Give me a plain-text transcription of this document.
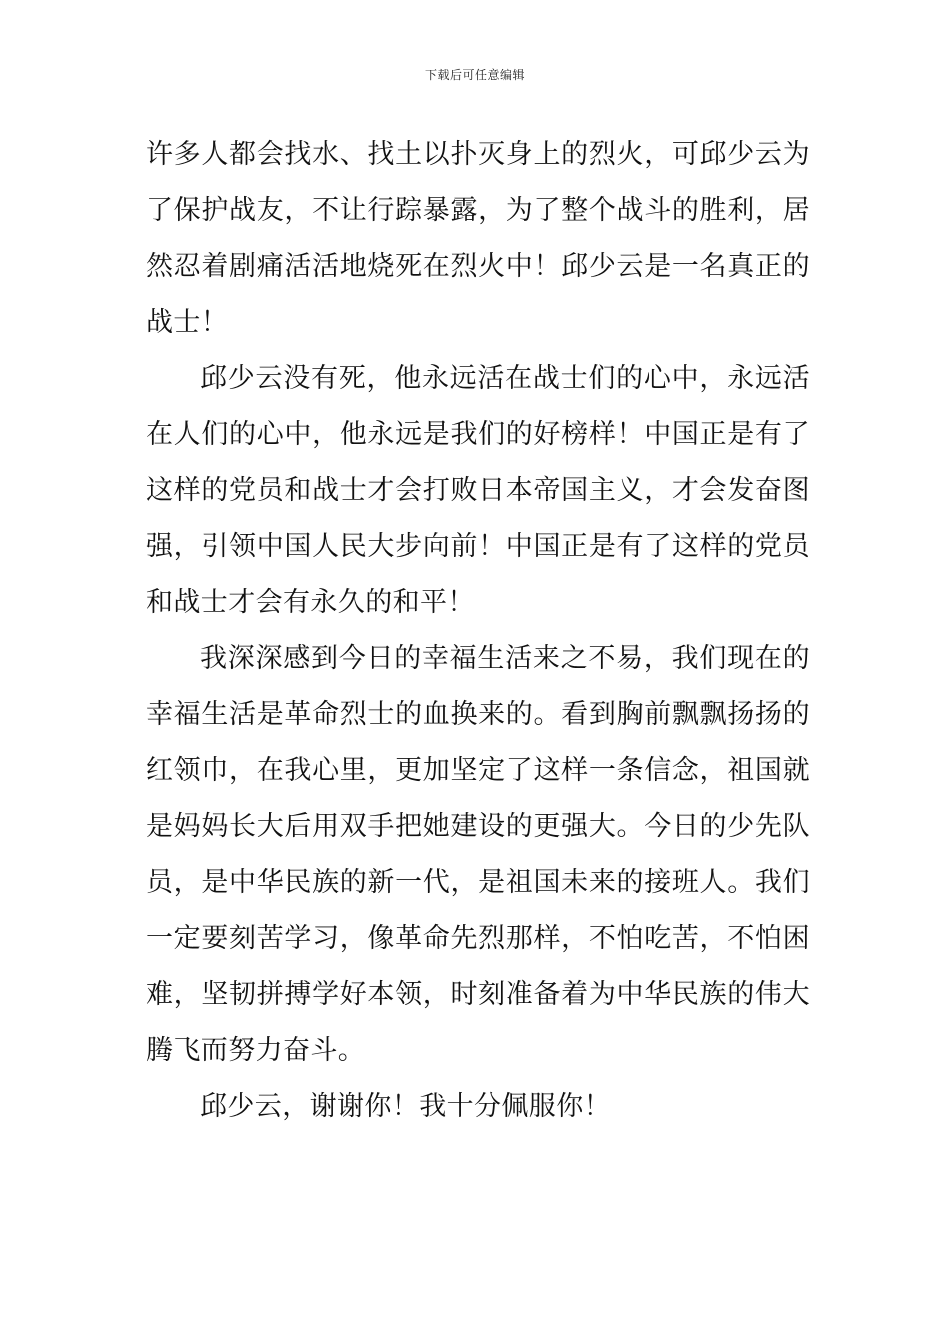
下载后可任意编辑

许多人都会找水、找土以扑灭身上的烈火，可邱少云为了保护战友，不让行踪暴露，为了整个战斗的胜利，居然忍着剧痛活活地烧死在烈火中！邱少云是一名真正的战士！

邱少云没有死，他永远活在战士们的心中，永远活在人们的心中，他永远是我们的好榜样！中国正是有了这样的党员和战士才会打败日本帝国主义，才会发奋图强，引领中国人民大步向前！中国正是有了这样的党员和战士才会有永久的和平！

我深深感到今日的幸福生活来之不易，我们现在的幸福生活是革命烈士的血换来的。看到胸前飘飘扬扬的红领巾，在我心里，更加坚定了这样一条信念，祖国就是妈妈长大后用双手把她建设的更强大。今日的少先队员，是中华民族的新一代，是祖国未来的接班人。我们一定要刻苦学习，像革命先烈那样，不怕吃苦，不怕困难，坚韧拼搏学好本领，时刻准备着为中华民族的伟大腾飞而努力奋斗。

邱少云，谢谢你！我十分佩服你！
